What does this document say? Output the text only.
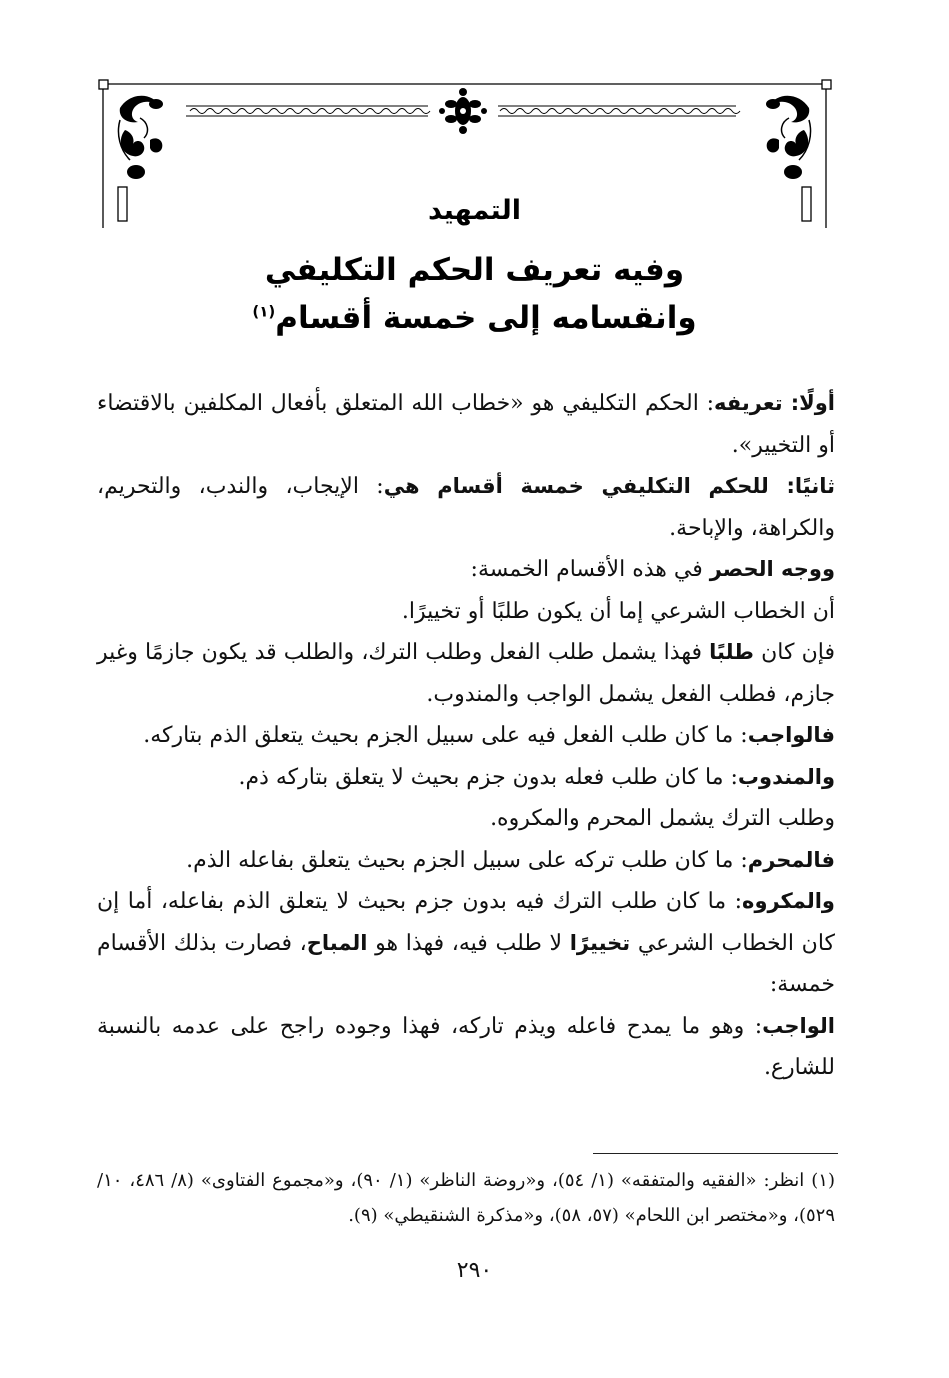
التمهيد
وفيه تعريف الحكم التكليفي
وانقسامه إلى خمسة أقسام$^{(١)}$

أولًا: تعريفه: الحكم التكليفي هو «خطاب الله المتعلق بأفعال المكلفين بالاقتضاء أو التخيير».

ثانيًا: للحكم التكليفي خمسة أقسام هي: الإيجاب، والندب، والتحريم، والكراهة، والإباحة.

ووجه الحصر في هذه الأقسام الخمسة:

أن الخطاب الشرعي إما أن يكون طلبًا أو تخييرًا.

فإن كان طلبًا فهذا يشمل طلب الفعل وطلب الترك، والطلب قد يكون جازمًا وغير جازم، فطلب الفعل يشمل الواجب والمندوب.

فالواجب: ما كان طلب الفعل فيه على سبيل الجزم بحيث يتعلق الذم بتاركه.

والمندوب: ما كان طلب فعله بدون جزم بحيث لا يتعلق بتاركه ذم.

وطلب الترك يشمل المحرم والمكروه.

فالمحرم: ما كان طلب تركه على سبيل الجزم بحيث يتعلق بفاعله الذم.

والمكروه: ما كان طلب الترك فيه بدون جزم بحيث لا يتعلق الذم بفاعله، أما إن كان الخطاب الشرعي تخييرًا لا طلب فيه، فهذا هو المباح، فصارت بذلك الأقسام خمسة:

الواجب: وهو ما يمدح فاعله ويذم تاركه، فهذا وجوده راجح على عدمه بالنسبة للشارع.

(١) انظر: «الفقيه والمتفقه» (١/ ٥٤)، و«روضة الناظر» (١/ ٩٠)، و«مجموع الفتاوى» (٨/ ٤٨٦، ١٠/ ٥٢٩)، و«مختصر ابن اللحام» (٥٧، ٥٨)، و«مذكرة الشنقيطي» (٩).

٢٩٠
